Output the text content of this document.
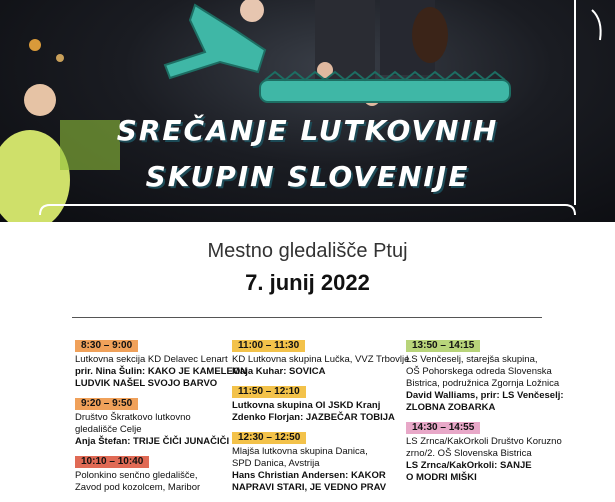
SREČANJE LUTKOVNIH
SKUPIN SLOVENIJE
Mestno gledališče Ptuj
7. junij 2022
8:30 – 9:00
Lutkovna sekcija KD Delavec Lenart
prir. Nina Šulin: KAKO JE KAMELEON
LUDVIK NAŠEL SVOJO BARVO
9:20 – 9:50
Društvo Škratkovo lutkovno
gledališče Celje
Anja Štefan: TRIJE ČIČI JUNAČIČI
10:10 – 10:40
Polonkino senčno gledališče,
Zavod pod kozolcem, Maribor
11:00 – 11:30
KD Lutkovna skupina Lučka, VVZ Trbovlje
Maja Kuhar: SOVICA
11:50 – 12:10
Lutkovna skupina OI JSKD Kranj
Zdenko Florjan: JAZBEČAR TOBIJA
12:30 – 12:50
Mlajša lutkovna skupina Danica,
SPD Danica, Avstrija
Hans Christian Andersen: KAKOR
NAPRAVI STARI, JE VEDNO PRAV
13:50 – 14:15
LS Venčeselj, starejša skupina,
OŠ Pohorskega odreda Slovenska
Bistrica, podružnica Zgornja Ložnica
David Walliams, prir: LS Venčeselj:
ZLOBNA ZOBARKA
14:30 – 14:55
LS Zrnca/KakOrkoli Društvo Koruzno
zrno/2. OŠ Slovenska Bistrica
LS Zrnca/KakOrkoli: SANJE
O MODRI MIŠKI
